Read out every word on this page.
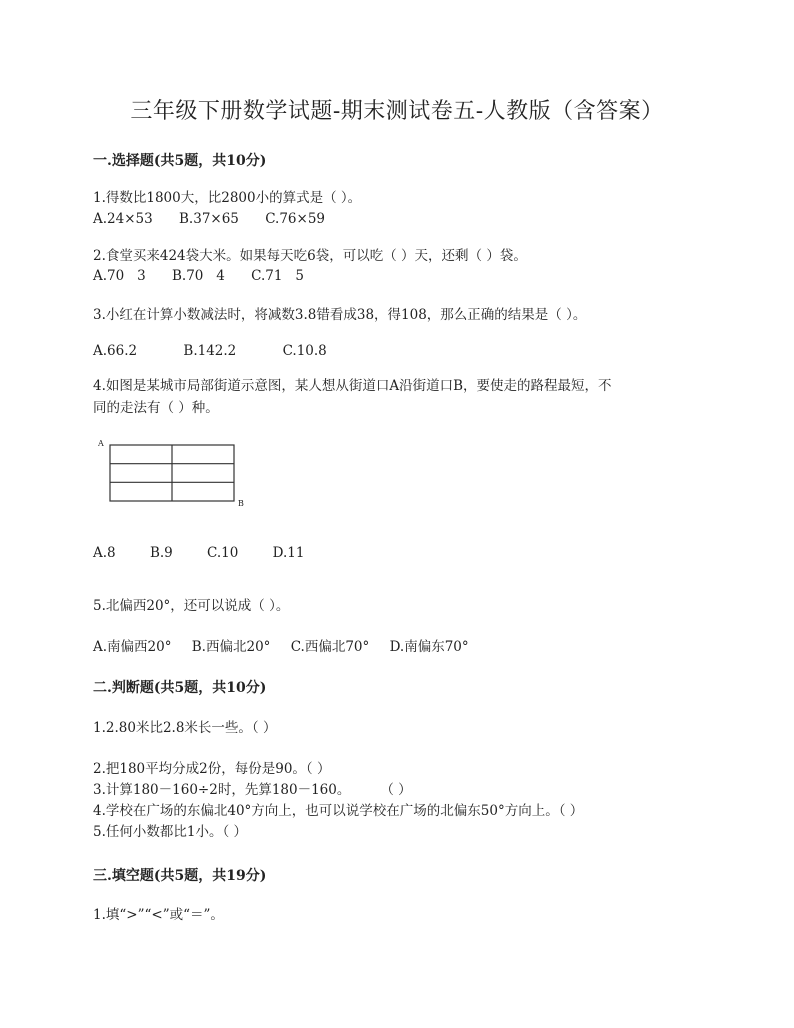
三年级下册数学试题-期末测试卷五-人教版（含答案）
一.选择题(共5题，共10分)
1.得数比1800大，比2800小的算式是（ ）。
A.24×53 B.37×65 C.76×59
2.食堂买来424袋大米。如果每天吃6袋，可以吃（ ）天，还剩（ ）袋。
A.70   3 B.70   4 C.71   5
3.小红在计算小数减法时，将减数3.8错看成38，得108，那么正确的结果是（ ）。
A.66.2	B.142.2	C.10.8
4.如图是某城市局部街道示意图，某人想从街道口A沿街道口B，要使走的路程最短，不
同的走法有（ ）种。
A
B
A.8	B.9	C.10	D.11
5.北偏西20°，还可以说成（ ）。
A.南偏西20° B.西偏北20° C.西偏北70° D.南偏东70°
二.判断题(共5题，共10分)
1.2.80米比2.8米长一些。（ ）
2.把180平均分成2份，每份是90。（ ）
3.计算180－160÷2时，先算180－160。       （ ）
4.学校在广场的东偏北40°方向上，也可以说学校在广场的北偏东50°方向上。（ ）
5.任何小数都比1小。（ ）
三.填空题(共5题，共19分)
1.填“>”“<”或“＝”。
